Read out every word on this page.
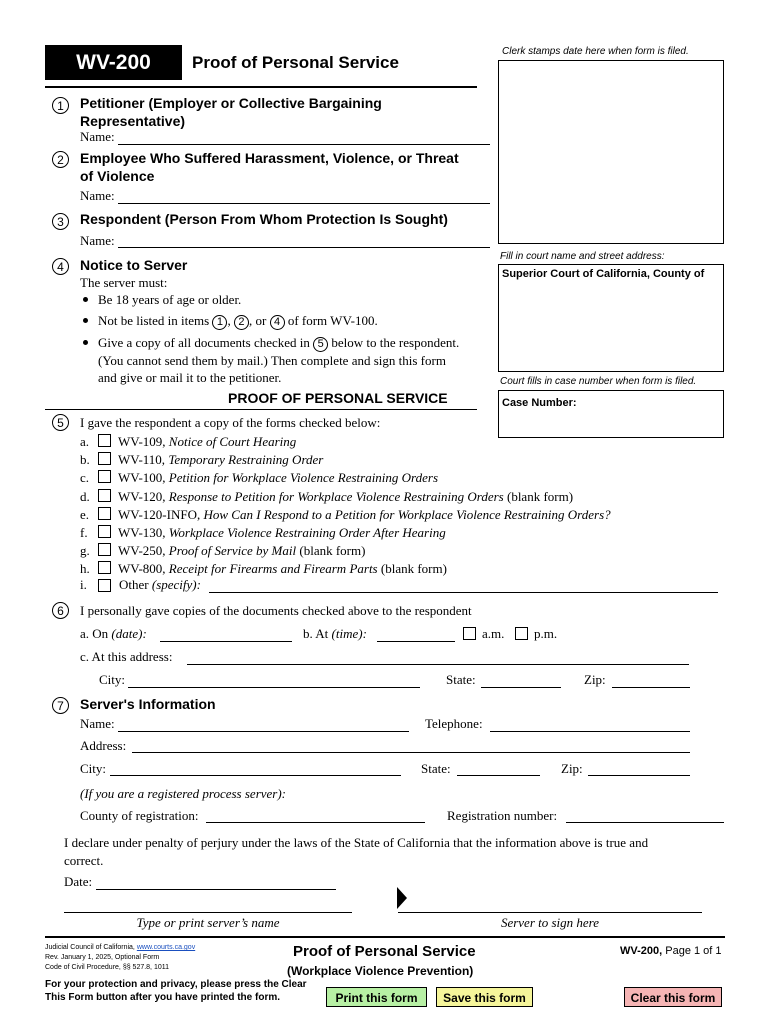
WV-200	Proof of Personal Service
Clerk stamps date here when form is filed.
Fill in court name and street address:
Superior Court of California, County of
Court fills in case number when form is filed.
Case Number:
1	Petitioner (Employer or Collective Bargaining
Representative)
Name:
2	Employee Who Suffered Harassment, Violence, or Threat
of Violence
Name:
3	Respondent (Person From Whom Protection Is Sought)
Name:
4	Notice to Server
The server must:
Be 18 years of age or older.
Not be listed in items 1 , 2 , or 4 of form WV-100.
Give a copy of all documents checked in 5 below to the respondent.
(You cannot send them by mail.) Then complete and sign this form
and give or mail it to the petitioner.
PROOF OF PERSONAL SERVICE
5	I gave the respondent a copy of the forms checked below:
a. WV-109, Notice of Court Hearing
b. WV-110, Temporary Restraining Order
c. WV-100, Petition for Workplace Violence Restraining Orders
d. WV-120, Response to Petition for Workplace Violence Restraining Orders (blank form)
e. WV-120-INFO, How Can I Respond to a Petition for Workplace Violence Restraining Orders?
f. WV-130, Workplace Violence Restraining Order After Hearing
g. WV-250, Proof of Service by Mail (blank form)
h. WV-800, Receipt for Firearms and Firearm Parts (blank form)
i. Other (specify):
6	I personally gave copies of the documents checked above to the respondent
a. On (date):	b. At (time):	a.m. p.m.
c. At this address:
City:	State:	Zip:
7	Server's Information
Name:	Telephone:
Address:
City:	State:	Zip:
(If you are a registered process server):
County of registration:	Registration number:
I declare under penalty of perjury under the laws of the State of California that the information above is true and
correct.
Date:
Type or print server’s name	Server to sign here
Judicial Council of California, www.courts.ca.gov
Rev. January 1, 2025, Optional Form
Code of Civil Procedure, §§ 527.8, 1011
Proof of Personal Service
(Workplace Violence Prevention)
WV-200, Page 1 of 1
For your protection and privacy, please press the Clear
This Form button after you have printed the form.	Print this form	Save this form	Clear this form
